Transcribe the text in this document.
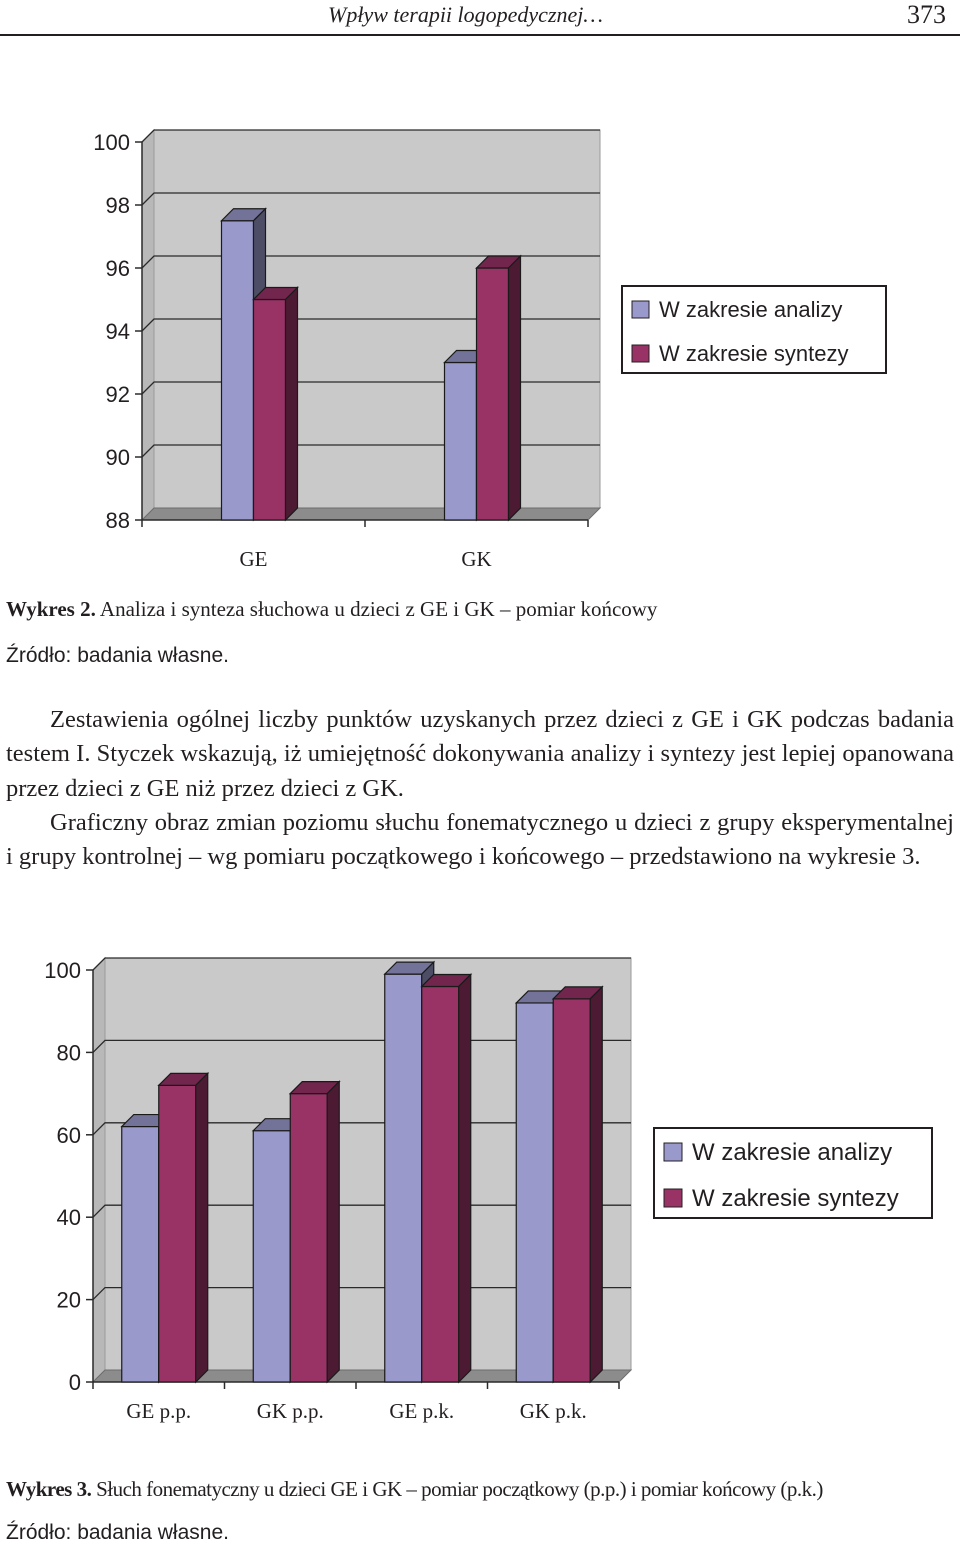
Wpływ terapii logopedycznej…	373
100
98
96
94
92
90
88
GE	GK
W zakresie analizy
W zakresie syntezy
Wykres 2. Analiza i synteza słuchowa u dzieci z GE i GK – pomiar końcowy
Źródło: badania własne.

Zestawienia ogólnej liczby punktów uzyskanych przez dzieci z GE i GK podczas badania testem I. Styczek wskazują, iż umiejętność dokonywania analizy i syntezy jest lepiej opanowana przez dzieci z GE niż przez dzieci z GK.

Graficzny obraz zmian poziomu słuchu fonematycznego u dzieci z grupy eksperymentalnej i grupy kontrolnej – wg pomiaru początkowego i końcowego – przedstawiono na wykresie 3.

100
80
60
40
20
0
GE p.p.	GK p.p.	GE p.k.	GK p.k.
W zakresie analizy
W zakresie syntezy
Wykres 3. Słuch fonematyczny u dzieci GE i GK – pomiar początkowy (p.p.) i pomiar końcowy (p.k.)
Źródło: badania własne.
